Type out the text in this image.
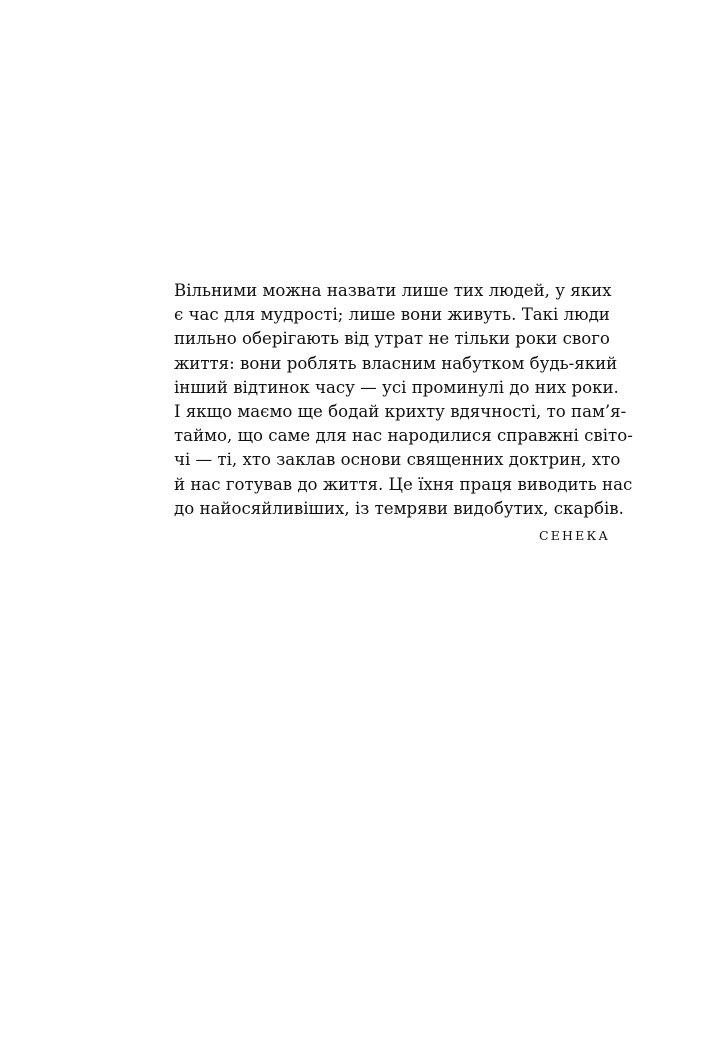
Вільними можна назвати лише тих людей, у яких
є час для мудрості; лише вони живуть. Такі люди
пильно оберігають від утрат не тільки роки свого
життя: вони роблять власним набутком будь-який
інший відтинок часу — усі проминулі до них роки.
І якщо маємо ще бодай крихту вдячності, то пам’я-
таймо, що саме для нас народилися справжні світо-
чі — ті, хто заклав основи священних доктрин, хто
й нас готував до життя. Це їхня праця виводить нас
до найосяйливіших, із темряви видобутих, скарбів.
СЕНЕКА
